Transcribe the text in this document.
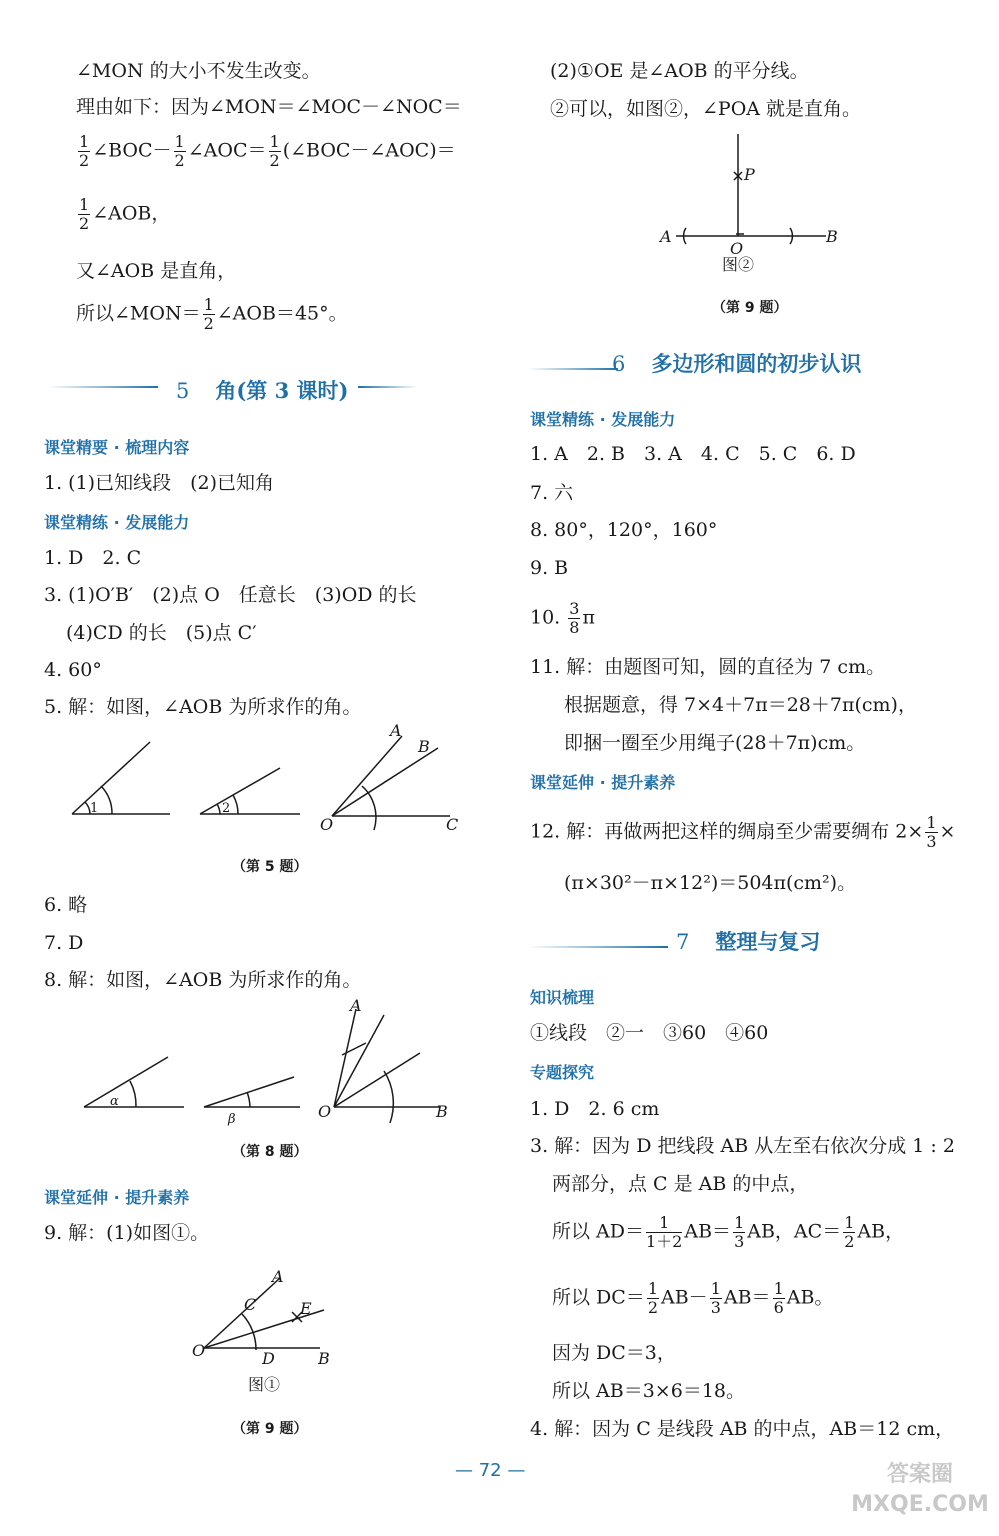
∠MON 的大小不发生改变。
理由如下：因为∠MON＝∠MOC－∠NOC＝
$\frac{1}{2}$ ∠BOC－ $\frac{1}{2}$ ∠AOC＝ $\frac{1}{2}$ (∠BOC－∠AOC)＝
$\frac{1}{2}$ ∠AOB，
又∠AOB 是直角，
所以∠MON＝ $\frac{1}{2}$ ∠AOB＝45°。
5 角(第 3 课时)
课堂精要 · 梳理内容
1. (1)已知线段　(2)已知角
课堂精练 · 发展能力
1. D　2. C
3. (1)O′B′　(2)点 O　任意长　(3)OD 的长
(4)CD 的长　(5)点 C′
4. 60°
5. 解：如图，∠AOB 为所求作的角。
1	2
A
B
O	C
（第 5 题）
6. 略
7. D
8. 解：如图，∠AOB 为所求作的角。
α
β
A
O	B
（第 8 题）
课堂延伸 · 提升素养
9. 解：(1)如图①。
A
C	E
O	D	B
图①
（第 9 题）
(2)①OE 是∠AOB 的平分线。
②可以，如图②，∠POA 就是直角。
P
A
O
B
图②
（第 9 题）
6 多边形和圆的初步认识
课堂精练 · 发展能力
1. A　2. B　3. A　4. C　5. C　6. D
7. 六
8. 80°，120°，160°
9. B
10. $\frac{3}{8}$ π
11. 解：由题图可知，圆的直径为 7 cm。
根据题意，得 7×4＋7π＝28＋7π(cm)，
即捆一圈至少用绳子(28＋7π)cm。
课堂延伸 · 提升素养
12. 解：再做两把这样的绸扇至少需要绸布 $2\times \frac{1}{3}$ ×
(π×30²－π×12²)＝504π(cm²)。
7 整理与复习
知识梳理
①线段　②一　③60　④60
专题探究
1. D　2. 6 cm
3. 解：因为 D 把线段 AB 从左至右依次分成 1 : 2
两部分，点 C 是 AB 的中点，
所以 $AD= \frac{1}{1+2} AB= \frac{1}{3}$ AB，$AC= \frac{1}{2}$ AB，
所以 $DC= \frac{1}{2} AB- \frac{1}{3} AB= \frac{1}{6}$ AB。
因为 DC＝3，
所以 AB＝3×6＝18。
4. 解：因为 C 是线段 AB 的中点，AB＝12 cm，
— 72 —	答案圈 MXQE.COM
